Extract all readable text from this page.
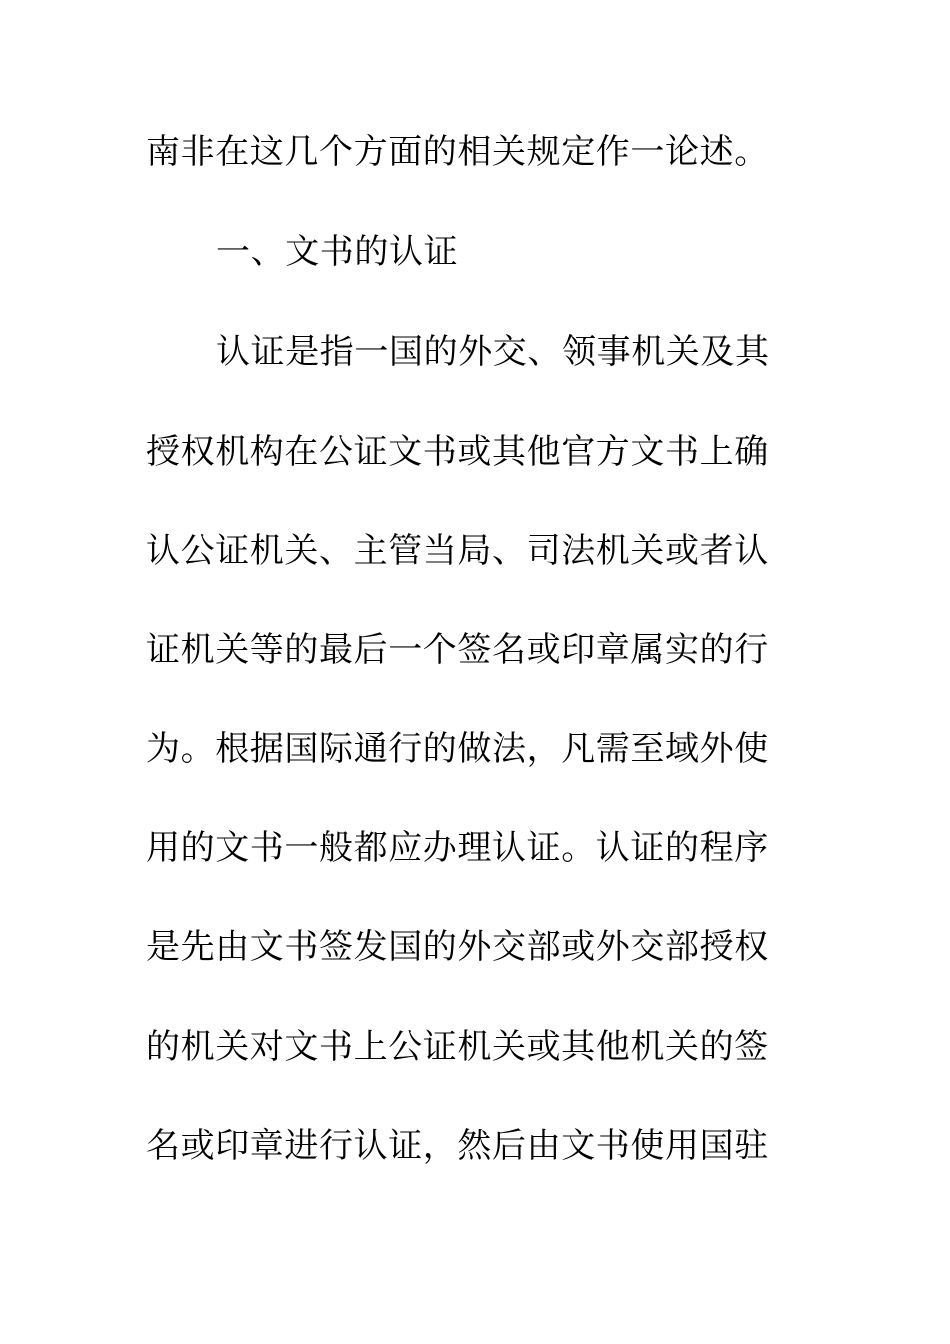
南非在这几个方面的相关规定作一论述。
一、文书的认证
认证是指一国的外交、领事机关及其
授权机构在公证文书或其他官方文书上确
认公证机关、主管当局、司法机关或者认
证机关等的最后一个签名或印章属实的行
为。根据国际通行的做法，凡需至域外使
用的文书一般都应办理认证。认证的程序
是先由文书签发国的外交部或外交部授权
的机关对文书上公证机关或其他机关的签
名或印章进行认证，然后由文书使用国驻
